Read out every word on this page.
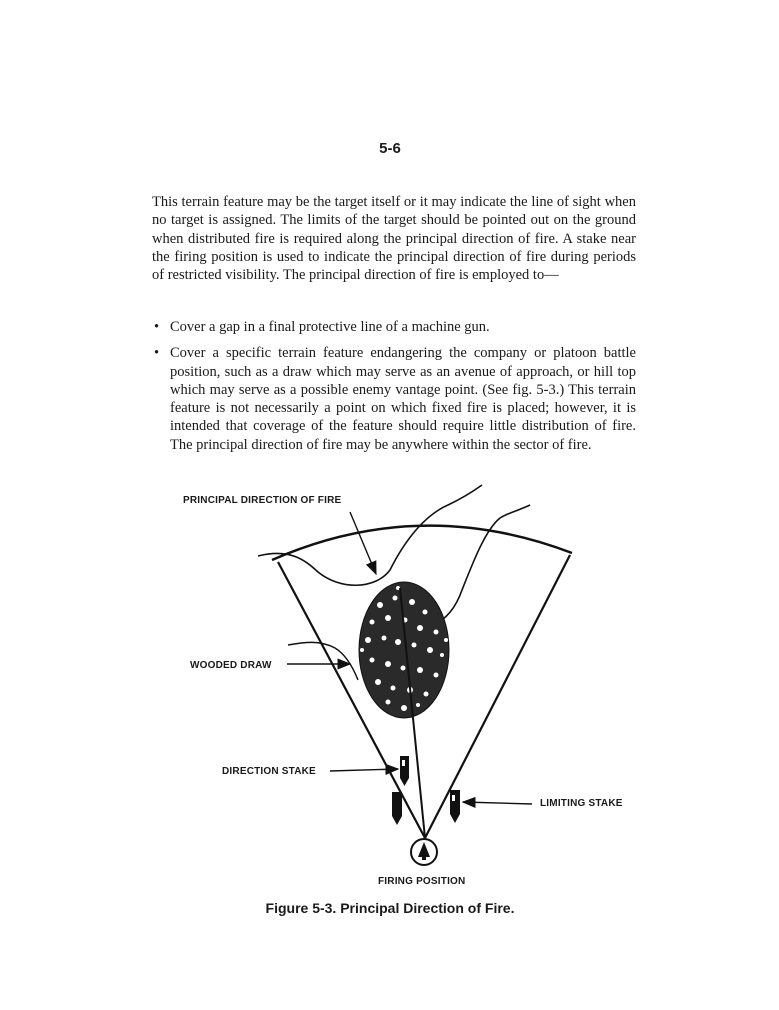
5-6

This terrain feature may be the target itself or it may indicate the line of sight when no target is assigned. The limits of the target should be pointed out on the ground when distributed fire is required along the principal direction of fire. A stake near the firing position is used to indicate the principal direction of fire during periods of restricted visibility. The principal direction of fire is employed to—

• Cover a gap in a final protective line of a machine gun.
• Cover a specific terrain feature endangering the company or platoon battle position, such as a draw which may serve as an avenue of approach, or hill top which may serve as a possible enemy vantage point. (See fig. 5-3.) This terrain feature is not necessarily a point on which fixed fire is placed; however, it is intended that coverage of the feature should require little distribution of fire. The principal direction of fire may be anywhere within the sector of fire.
PRINCIPAL DIRECTION OF FIRE
WOODED DRAW
DIRECTION STAKE
LIMITING STAKE
FIRING POSITION
Figure 5-3. Principal Direction of Fire.
